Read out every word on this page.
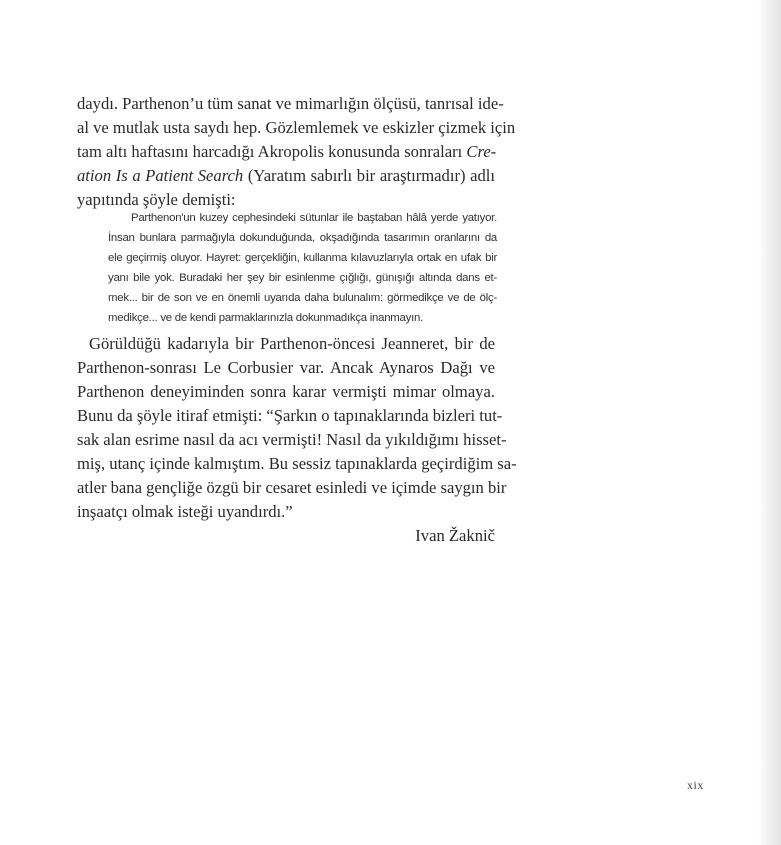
daydı. Parthenon’u tüm sanat ve mimarlığın ölçüsü, tanrısal ide-
al ve mutlak usta saydı hep. Gözlemlemek ve eskizler çizmek için
tam altı haftasını harcadığı Akropolis konusunda sonraları Cre-
ation Is a Patient Search (Yaratım sabırlı bir araştırmadır) adlı
yapıtında şöyle demişti:
Parthenon'un kuzey cephesindeki sütunlar ile baştaban hâlâ yerde yatıyor.
İnsan bunlara parmağıyla dokunduğunda, okşadığında tasarımın oranlarını da
ele geçirmiş oluyor. Hayret: gerçekliğin, kullanma kılavuzlarıyla ortak en ufak bir
yanı bile yok. Buradaki her şey bir esinlenme çığlığı, günışığı altında dans et-
mek... bir de son ve en önemli uyarıda daha bulunalım: görmedikçe ve de ölç-
medikçe... ve de kendi parmaklarınızla dokunmadıkça inanmayın.
Görüldüğü kadarıyla bir Parthenon-öncesi Jeanneret, bir de
Parthenon-sonrası Le Corbusier var. Ancak Aynaros Dağı ve
Parthenon deneyiminden sonra karar vermişti mimar olmaya.
Bunu da şöyle itiraf etmişti: “Şarkın o tapınaklarında bizleri tut-
sak alan esrime nasıl da acı vermişti! Nasıl da yıkıldığımı hisset-
miş, utanç içinde kalmıştım. Bu sessiz tapınaklarda geçirdiğim sa-
atler bana gençliğe özgü bir cesaret esinledi ve içimde saygın bir
inşaatçı olmak isteği uyandırdı.”
Ivan Žaknič
xix
